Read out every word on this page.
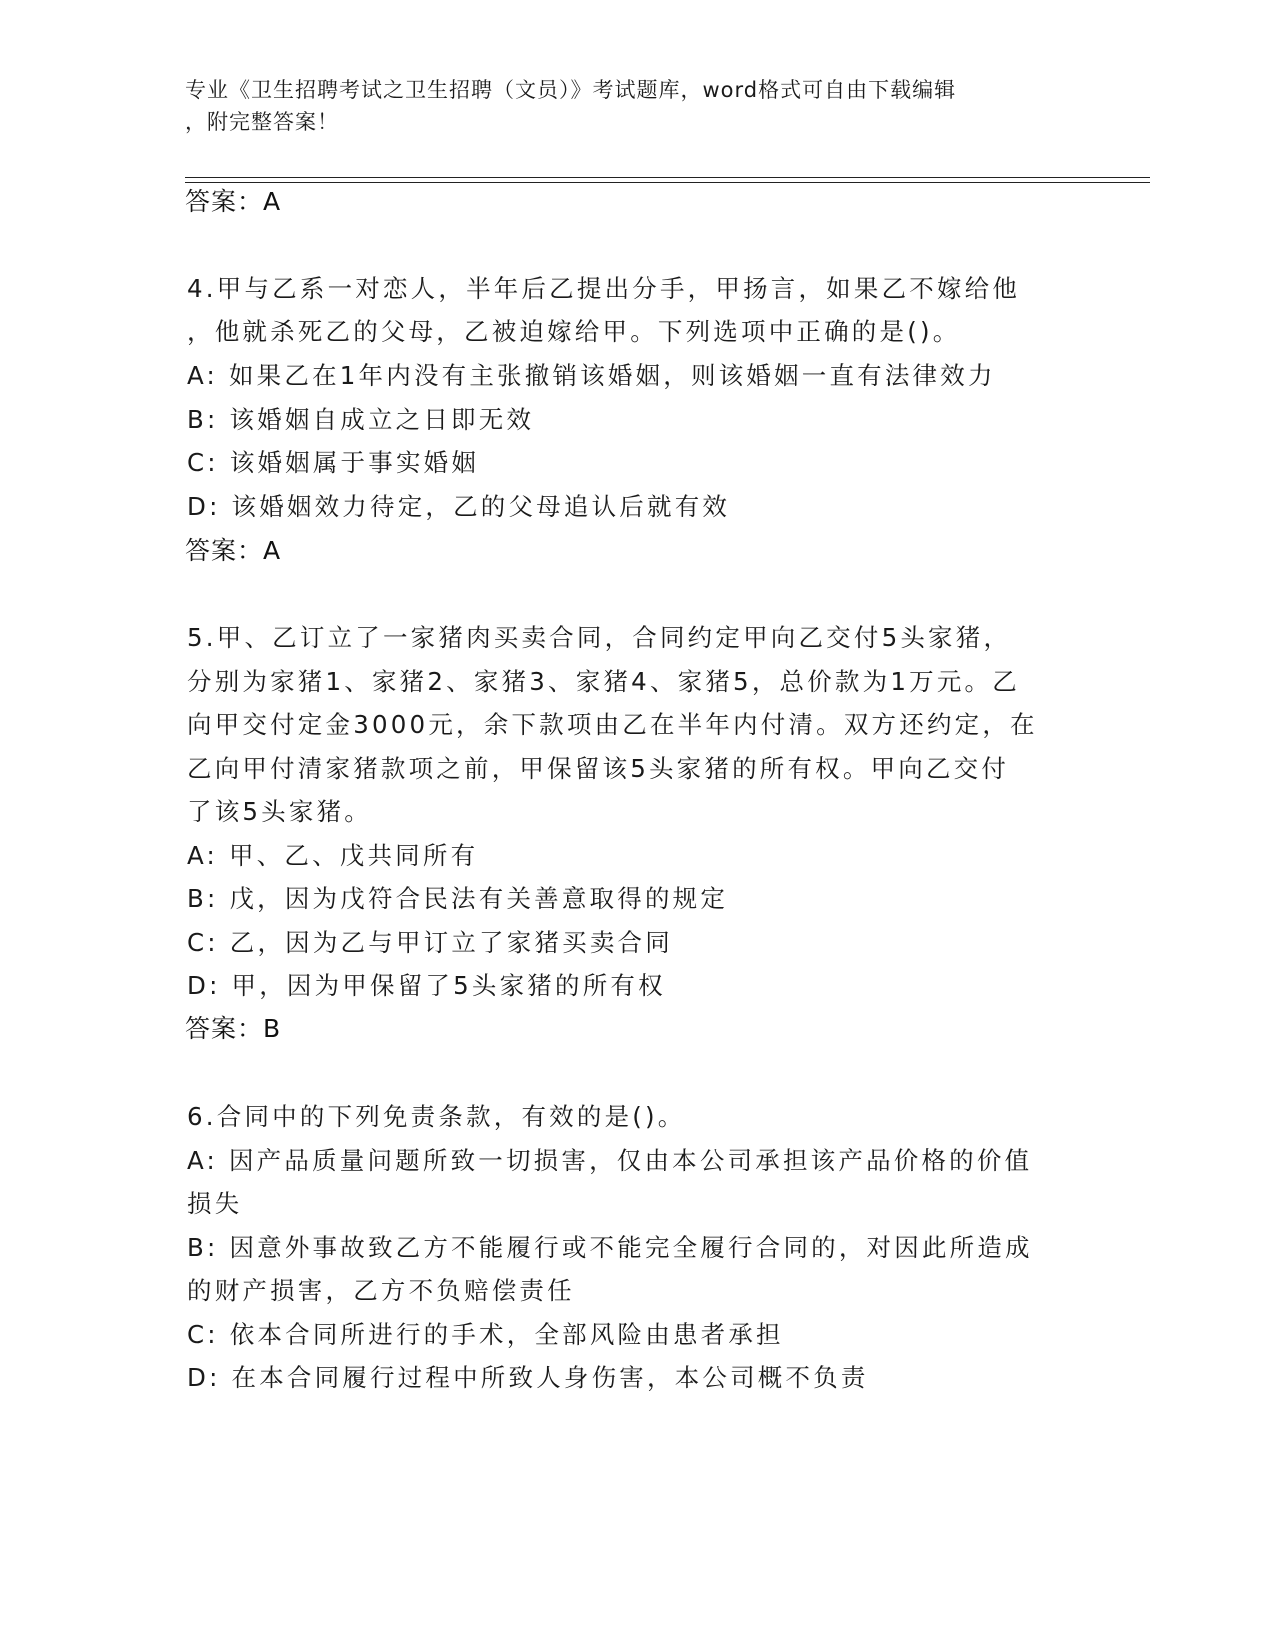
专业《卫生招聘考试之卫生招聘（文员）》考试题库，word格式可自由下载编辑
，附完整答案！
答案：A
4.甲与乙系一对恋人，半年后乙提出分手，甲扬言，如果乙不嫁给他
，他就杀死乙的父母，乙被迫嫁给甲。下列选项中正确的是()。
A: 如果乙在1年内没有主张撤销该婚姻，则该婚姻一直有法律效力
B: 该婚姻自成立之日即无效
C: 该婚姻属于事实婚姻
D: 该婚姻效力待定，乙的父母追认后就有效
答案：A
5.甲、乙订立了一家猪肉买卖合同，合同约定甲向乙交付5头家猪，
分别为家猪1、家猪2、家猪3、家猪4、家猪5，总价款为1万元。乙
向甲交付定金3000元，余下款项由乙在半年内付清。双方还约定，在
乙向甲付清家猪款项之前，甲保留该5头家猪的所有权。甲向乙交付
了该5头家猪。
A: 甲、乙、戊共同所有
B: 戊，因为戊符合民法有关善意取得的规定
C: 乙，因为乙与甲订立了家猪买卖合同
D: 甲，因为甲保留了5头家猪的所有权
答案：B
6.合同中的下列免责条款，有效的是()。
A: 因产品质量问题所致一切损害，仅由本公司承担该产品价格的价值
损失
B: 因意外事故致乙方不能履行或不能完全履行合同的，对因此所造成
的财产损害，乙方不负赔偿责任
C: 依本合同所进行的手术，全部风险由患者承担
D: 在本合同履行过程中所致人身伤害，本公司概不负责
